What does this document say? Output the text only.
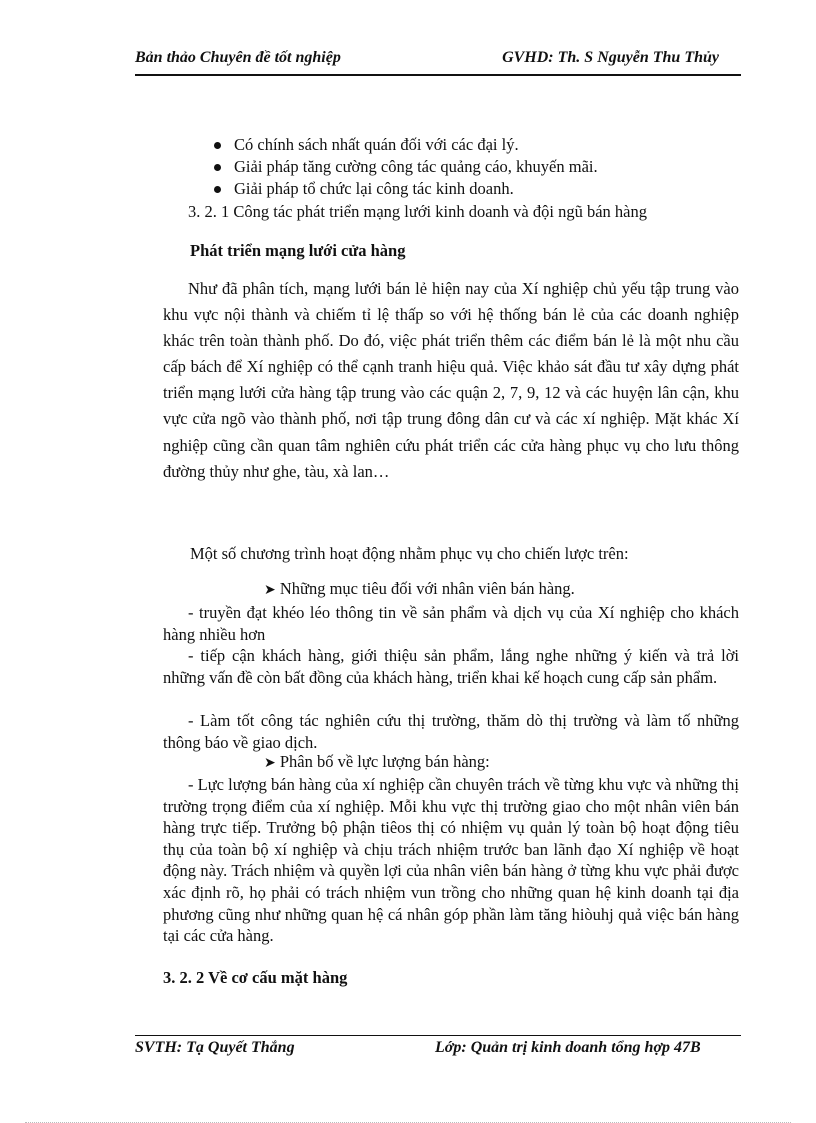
Bản thảo Chuyên đề tốt nghiệp	GVHD: Th. S Nguyễn Thu Thủy
Có chính sách nhất quán đối với các đại lý.
Giải pháp tăng cường công tác quảng cáo, khuyến mãi.
Giải pháp tổ chức lại công tác kinh doanh.
3. 2. 1 Công tác phát triển mạng lưới kinh doanh và đội ngũ bán hàng
Phát triển mạng lưới cửa hàng
Như đã phân tích, mạng lưới bán lẻ hiện nay của Xí nghiệp chủ yếu tập trung vào khu vực nội thành và chiếm tỉ lệ thấp so với hệ thống bán lẻ của các doanh nghiệp khác trên toàn thành phố. Do đó, việc phát triển thêm các điểm bán lẻ là một nhu cầu cấp bách để Xí nghiệp có thể cạnh tranh hiệu quả. Việc khảo sát đầu tư xây dựng phát triển mạng lưới cửa hàng tập trung vào các quận 2, 7, 9, 12 và các huyện lân cận, khu vực cửa ngõ vào thành phố, nơi tập trung đông dân cư và các xí nghiệp. Mặt khác Xí nghiệp cũng cần quan tâm nghiên cứu phát triển các cửa hàng phục vụ cho lưu thông đường thủy như ghe, tàu, xà lan…
Một số chương trình hoạt động nhằm phục vụ cho chiến lược trên:
➤ Những mục tiêu đối với nhân viên bán hàng.
- truyền đạt khéo léo thông tin về sản phẩm và dịch vụ của Xí nghiệp cho khách hàng nhiều hơn
- tiếp cận khách hàng, giới thiệu sản phẩm, lắng nghe những ý kiến và trả lời những vấn đề còn bất đồng của khách hàng, triển khai kế hoạch cung cấp sản phẩm.
- Làm tốt công tác nghiên cứu thị trường, thăm dò thị trường và làm tố những thông báo về giao dịch.
➤ Phân bố về lực lượng bán hàng:
- Lực lượng bán hàng của xí nghiệp cần chuyên trách về từng khu vực và những thị trường trọng điểm của xí nghiệp. Mỗi khu vực thị trường giao cho một nhân viên bán hàng trực tiếp. Trưởng bộ phận tiêos thị có nhiệm vụ quản lý toàn bộ hoạt động tiêu thụ của toàn bộ xí nghiệp và chịu trách nhiệm trước ban lãnh đạo Xí nghiệp về hoạt động này. Trách nhiệm và quyền lợi của nhân viên bán hàng ở từng khu vực phải được xác định rõ, họ phải có trách nhiệm vun trồng cho những quan hệ kinh doanh tại địa phương cũng như những quan hệ cá nhân góp phần làm tăng hiòuhj quả việc bán hàng tại các cửa hàng.
3. 2. 2 Về cơ cấu mặt hàng
SVTH: Tạ Quyết Thắng	Lớp: Quản trị kinh doanh tổng hợp 47B
